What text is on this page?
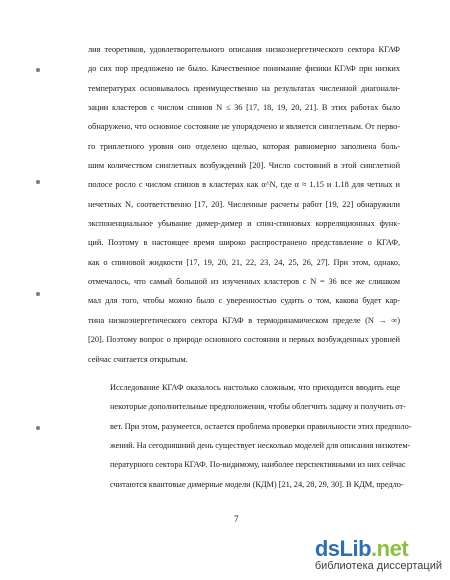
лия теоретиков, удовлетворительного описания низкоэнергетического сектора КГАФ
до сих пор предложено не было. Качественное понимание физики КГАФ при низких
температурах основывалось преимущественно на результатах численной диагонали-
зации кластеров с числом спинов N ≤ 36 [17, 18, 19, 20, 21]. В этих работах было
обнаружено, что основное состояние не упорядочено и является синглетным. От перво-
го триплетного уровня оно отделено щелью, которая равномерно заполнена боль-
шим количеством синглетных возбуждений [20]. Число состояний в этой синглетной
полосе росло с числом спинов в кластерах как α^N, где α ≈ 1.15 и 1.18 для четных и
нечетных N, соответственно [17, 20]. Численные расчеты работ [19, 22] обнаружили
экспоненциальное убывание димер-димер и спин-спиновых корреляционных функ-
ций. Поэтому в настоящее время широко распространено представление о КГАФ,
как о спиновой жидкости [17, 19, 20, 21, 22, 23, 24, 25, 26, 27]. При этом, однако,
отмечалось, что самый большой из изученных кластеров с N = 36 все же слишком
мал для того, чтобы можно было с уверенностью судить о том, какова будет кар-
тина низкоэнергетического сектора КГАФ в термодинамическом пределе (N → ∞)
[20]. Поэтому вопрос о природе основного состояния и первых возбужденных уровней
сейчас считается открытым.
Исследование КГАФ оказалось настолько сложным, что приходится вводить еще
некоторые дополнительные предположения, чтобы облегчить задачу и получить от-
вет. При этом, разумеется, остается проблема проверки правильности этих предполо-
жений. На сегодняшний день существует несколько моделей для описания низкотем-
пературного сектора КГАФ. По-видимому, наиболее перспективными из них сейчас
считаются квантовые димерные модели (КДМ) [21, 24, 28, 29, 30]. В КДМ, предло-
7
dsLib.net
библиотека диссертаций
